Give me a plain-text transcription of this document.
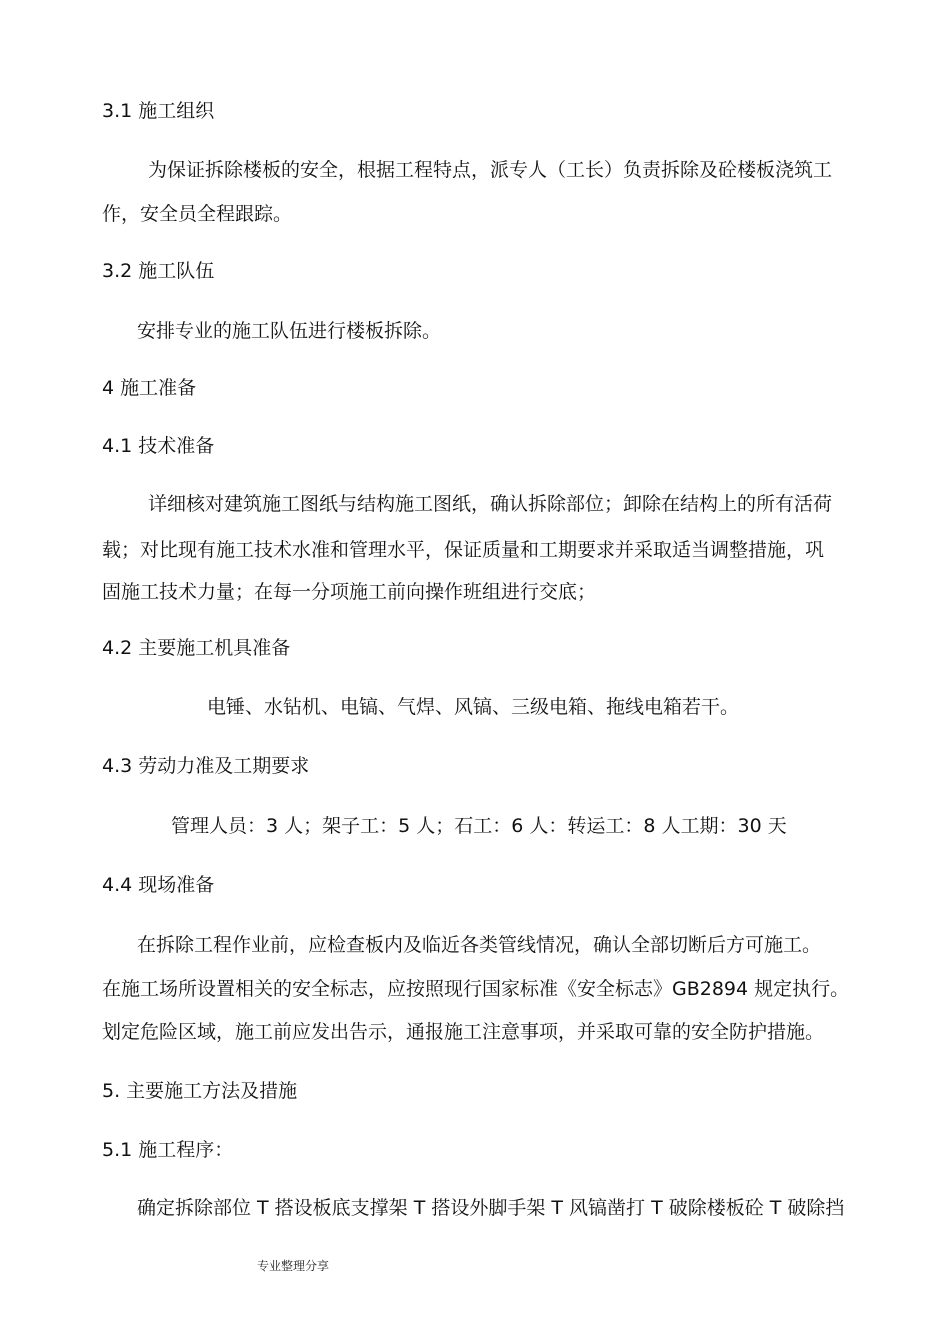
3.1 施工组织

为保证拆除楼板的安全，根据工程特点，派专人（工长）负责拆除及砼楼板浇筑工

作，安全员全程跟踪。

3.2 施工队伍

安排专业的施工队伍进行楼板拆除。

4 施工准备

4.1 技术准备

详细核对建筑施工图纸与结构施工图纸，确认拆除部位；卸除在结构上的所有活荷

载；对比现有施工技术水准和管理水平，保证质量和工期要求并采取适当调整措施，巩

固施工技术力量；在每一分项施工前向操作班组进行交底；

4.2 主要施工机具准备

电锤、水钻机、电镐、气焊、风镐、三级电箱、拖线电箱若干。

4.3 劳动力准及工期要求

管理人员：3 人；架子工：5 人；石工：6 人：转运工：8 人工期：30 天

4.4 现场准备

在拆除工程作业前，应检查板内及临近各类管线情况，确认全部切断后方可施工。

在施工场所设置相关的安全标志，应按照现行国家标准《安全标志》GB2894 规定执行。

划定危险区域，施工前应发出告示，通报施工注意事项，并采取可靠的安全防护措施。

5. 主要施工方法及措施

5.1 施工程序：

确定拆除部位 T 搭设板底支撑架 T 搭设外脚手架 T 风镐凿打 T 破除楼板砼 T 破除挡

专业整理分享
